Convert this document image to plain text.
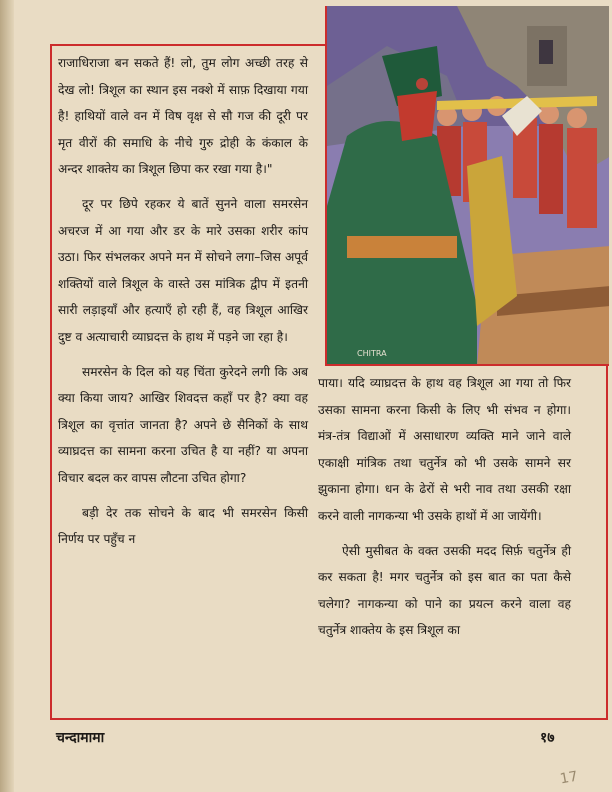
CHITRA

राजाधिराजा बन सकते हैं! लो, तुम लोग अच्छी तरह से देख लो! त्रिशूल का स्थान इस नक्शे में साफ़ दिखाया गया है! हाथियों वाले वन में विष वृक्ष से सौ गज की दूरी पर मृत वीरों की समाधि के नीचे गुरु द्रोही के कंकाल के अन्दर शाक्तेय का त्रिशूल छिपा कर रखा गया है।"

दूर पर छिपे रहकर ये बातें सुनने वाला समरसेन अचरज में आ गया और डर के मारे उसका शरीर कांप उठा। फिर संभलकर अपने मन में सोचने लगा–जिस अपूर्व शक्तियों वाले त्रिशूल के वास्ते उस मांत्रिक द्वीप में इतनी सारी लड़ाइयाँ और हत्याएँ हो रही हैं, वह त्रिशूल आखिर दुष्ट व अत्याचारी व्याघ्रदत्त के हाथ में पड़ने जा रहा है।

समरसेन के दिल को यह चिंता कुरेदने लगी कि अब क्या किया जाय? आखिर शिवदत्त कहाँ पर है? क्या वह त्रिशूल का वृत्तांत जानता है? अपने छे सैनिकों के साथ व्याघ्रदत्त का सामना करना उचित है या नहीं? या अपना विचार बदल कर वापस लौटना उचित होगा?

बड़ी देर तक सोचने के बाद भी समरसेन किसी निर्णय पर पहुँच न

पाया। यदि व्याघ्रदत्त के हाथ वह त्रिशूल आ गया तो फिर उसका सामना करना किसी के लिए भी संभव न होगा। मंत्र-तंत्र विद्याओं में असाधारण व्यक्ति माने जाने वाले एकाक्षी मांत्रिक तथा चतुर्नेत्र को भी उसके सामने सर झुकाना होगा। धन के ढेरों से भरी नाव तथा उसकी रक्षा करने वाली नागकन्या भी उसके हाथों में आ जायेंगी।

ऐसी मुसीबत के वक्त उसकी मदद सिर्फ़ चतुर्नेत्र ही कर सकता है! मगर चतुर्नेत्र को इस बात का पता कैसे चलेगा? नागकन्या को पाने का प्रयत्न करने वाला वह चतुर्नेत्र शाक्तेय के इस त्रिशूल का

चन्दामामा	१७
17
